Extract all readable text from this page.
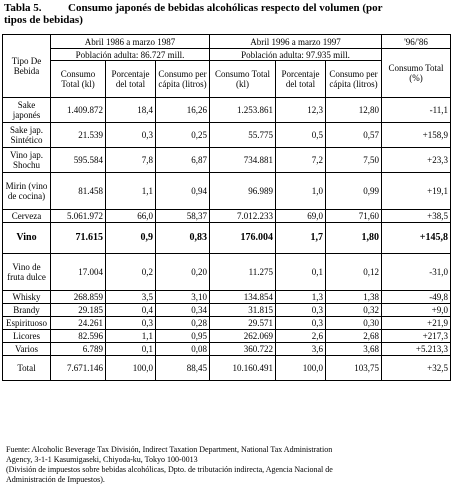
Tabla 5. Consumo japonés de bebidas alcohólicas respecto del volumen (por
tipos de bebidas)
Tipo De Bebida	Abril 1986 a marzo 1987			Abril 1996 a marzo 1997			'96/'86
	Población adulta: 86.727 mill.			Población adulta: 97.935 mill.			Consumo Total (%)
	Consumo Total (kl)	Porcentaje del total	Consumo per cápita (litros)	Consumo Total (kl)	Porcentaje del total	Consumo per cápita (litros)	
Sake japonés	1.409.872	18,4	16,26	1.253.861	12,3	12,80	-11,1
Sake jap. Sintético	21.539	0,3	0,25	55.775	0,5	0,57	+158,9
Vino jap. Shochu	595.584	7,8	6,87	734.881	7,2	7,50	+23,3
Mirin (vino de cocina)	81.458	1,1	0,94	96.989	1,0	0,99	+19,1
Cerveza	5.061.972	66,0	58,37	7.012.233	69,0	71,60	+38,5
Vino	71.615	0,9	0,83	176.004	1,7	1,80	+145,8
Vino de fruta dulce	17.004	0,2	0,20	11.275	0,1	0,12	-31,0
Whisky	268.859	3,5	3,10	134.854	1,3	1,38	-49,8
Brandy	29.185	0,4	0,34	31.815	0,3	0,32	+9,0
Espirituoso	24.261	0,3	0,28	29.571	0,3	0,30	+21,9
Licores	82.596	1,1	0,95	262.069	2,6	2,68	+217,3
Varios	6.789	0,1	0,08	360.722	3,6	3,68	+5.213,3
Total	7.671.146	100,0	88,45	10.160.491	100,0	103,75	+32,5
Fuente: Alcoholic Beverage Tax División, Indirect Taxation Department, National Tax Administration
Agency, 3-1-1 Kasumigaseki, Chiyoda-ku, Tokyo 100-0013
(División de impuestos sobre bebidas alcohólicas, Dpto. de tributación indirecta, Agencia Nacional de
Administración de Impuestos).
